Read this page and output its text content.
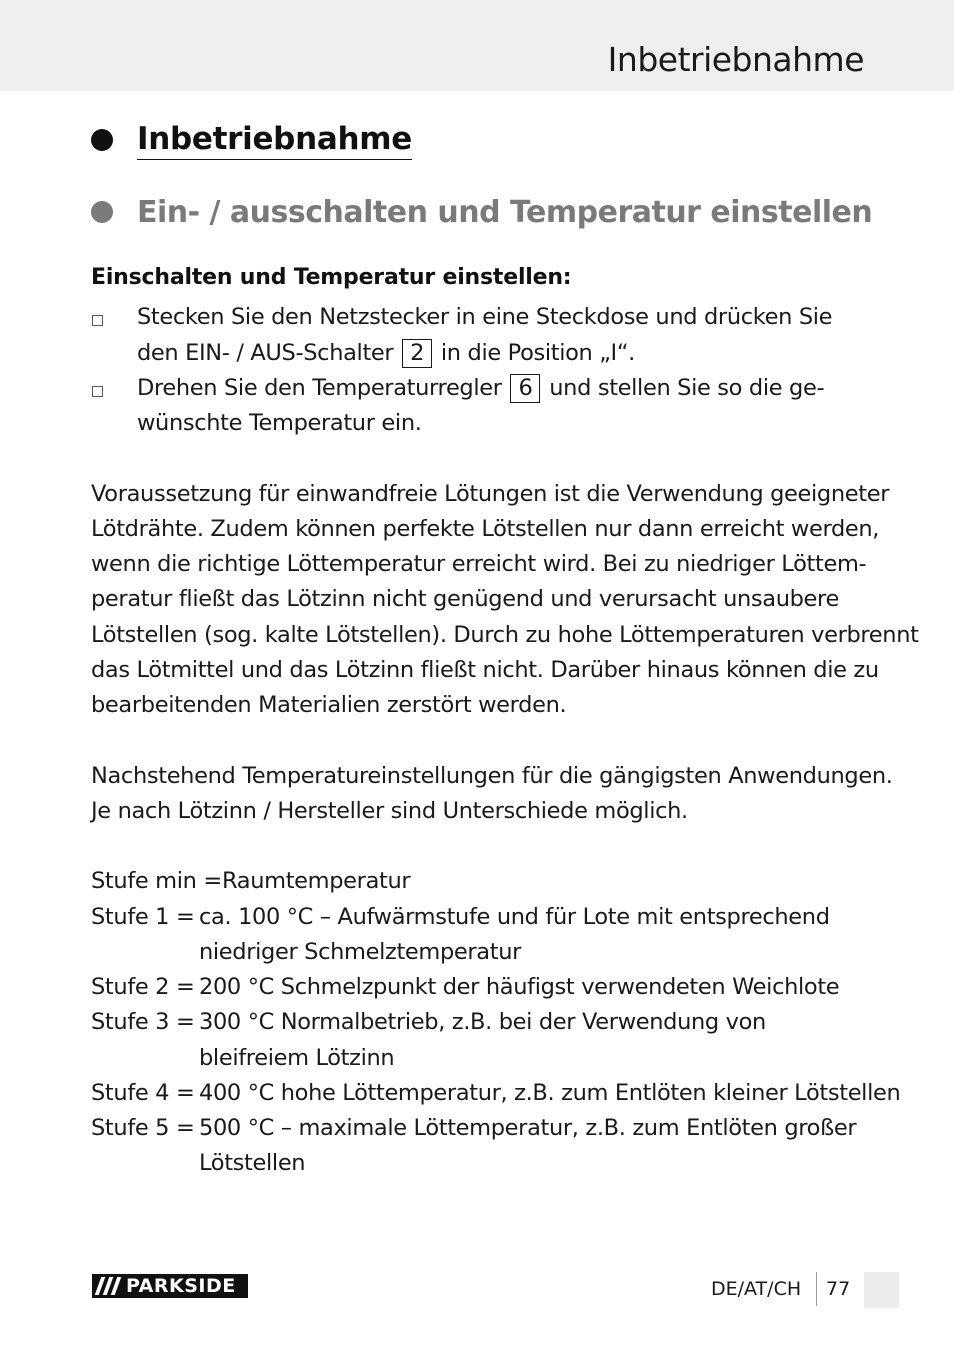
Inbetriebnahme
Inbetriebnahme
Ein- / ausschalten und Temperatur einstellen
Einschalten und Temperatur einstellen:
Stecken Sie den Netzstecker in eine Steckdose und drücken Sie
den EIN- / AUS-Schalter 2 in die Position „I“.
Drehen Sie den Temperaturregler 6 und stellen Sie so die ge-
wünschte Temperatur ein.
Voraussetzung für einwandfreie Lötungen ist die Verwendung geeigneter
Lötdrähte. Zudem können perfekte Lötstellen nur dann erreicht werden,
wenn die richtige Löttemperatur erreicht wird. Bei zu niedriger Löttem-
peratur fließt das Lötzinn nicht genügend und verursacht unsaubere
Lötstellen (sog. kalte Lötstellen). Durch zu hohe Löttemperaturen verbrennt
das Lötmittel und das Lötzinn fließt nicht. Darüber hinaus können die zu
bearbeitenden Materialien zerstört werden.
Nachstehend Temperatureinstellungen für die gängigsten Anwendungen.
Je nach Lötzinn / Hersteller sind Unterschiede möglich.
Stufe min = Raumtemperatur
Stufe 1 = ca. 100 °C – Aufwärmstufe und für Lote mit entsprechend
niedriger Schmelztemperatur
Stufe 2 = 200 °C Schmelzpunkt der häufigst verwendeten Weichlote
Stufe 3 = 300 °C Normalbetrieb, z.B. bei der Verwendung von
bleifreiem Lötzinn
Stufe 4 = 400 °C hohe Löttemperatur, z.B. zum Entlöten kleiner Lötstellen
Stufe 5 = 500 °C – maximale Löttemperatur, z.B. zum Entlöten großer
Lötstellen
PARKSIDE	DE/AT/CH 77
